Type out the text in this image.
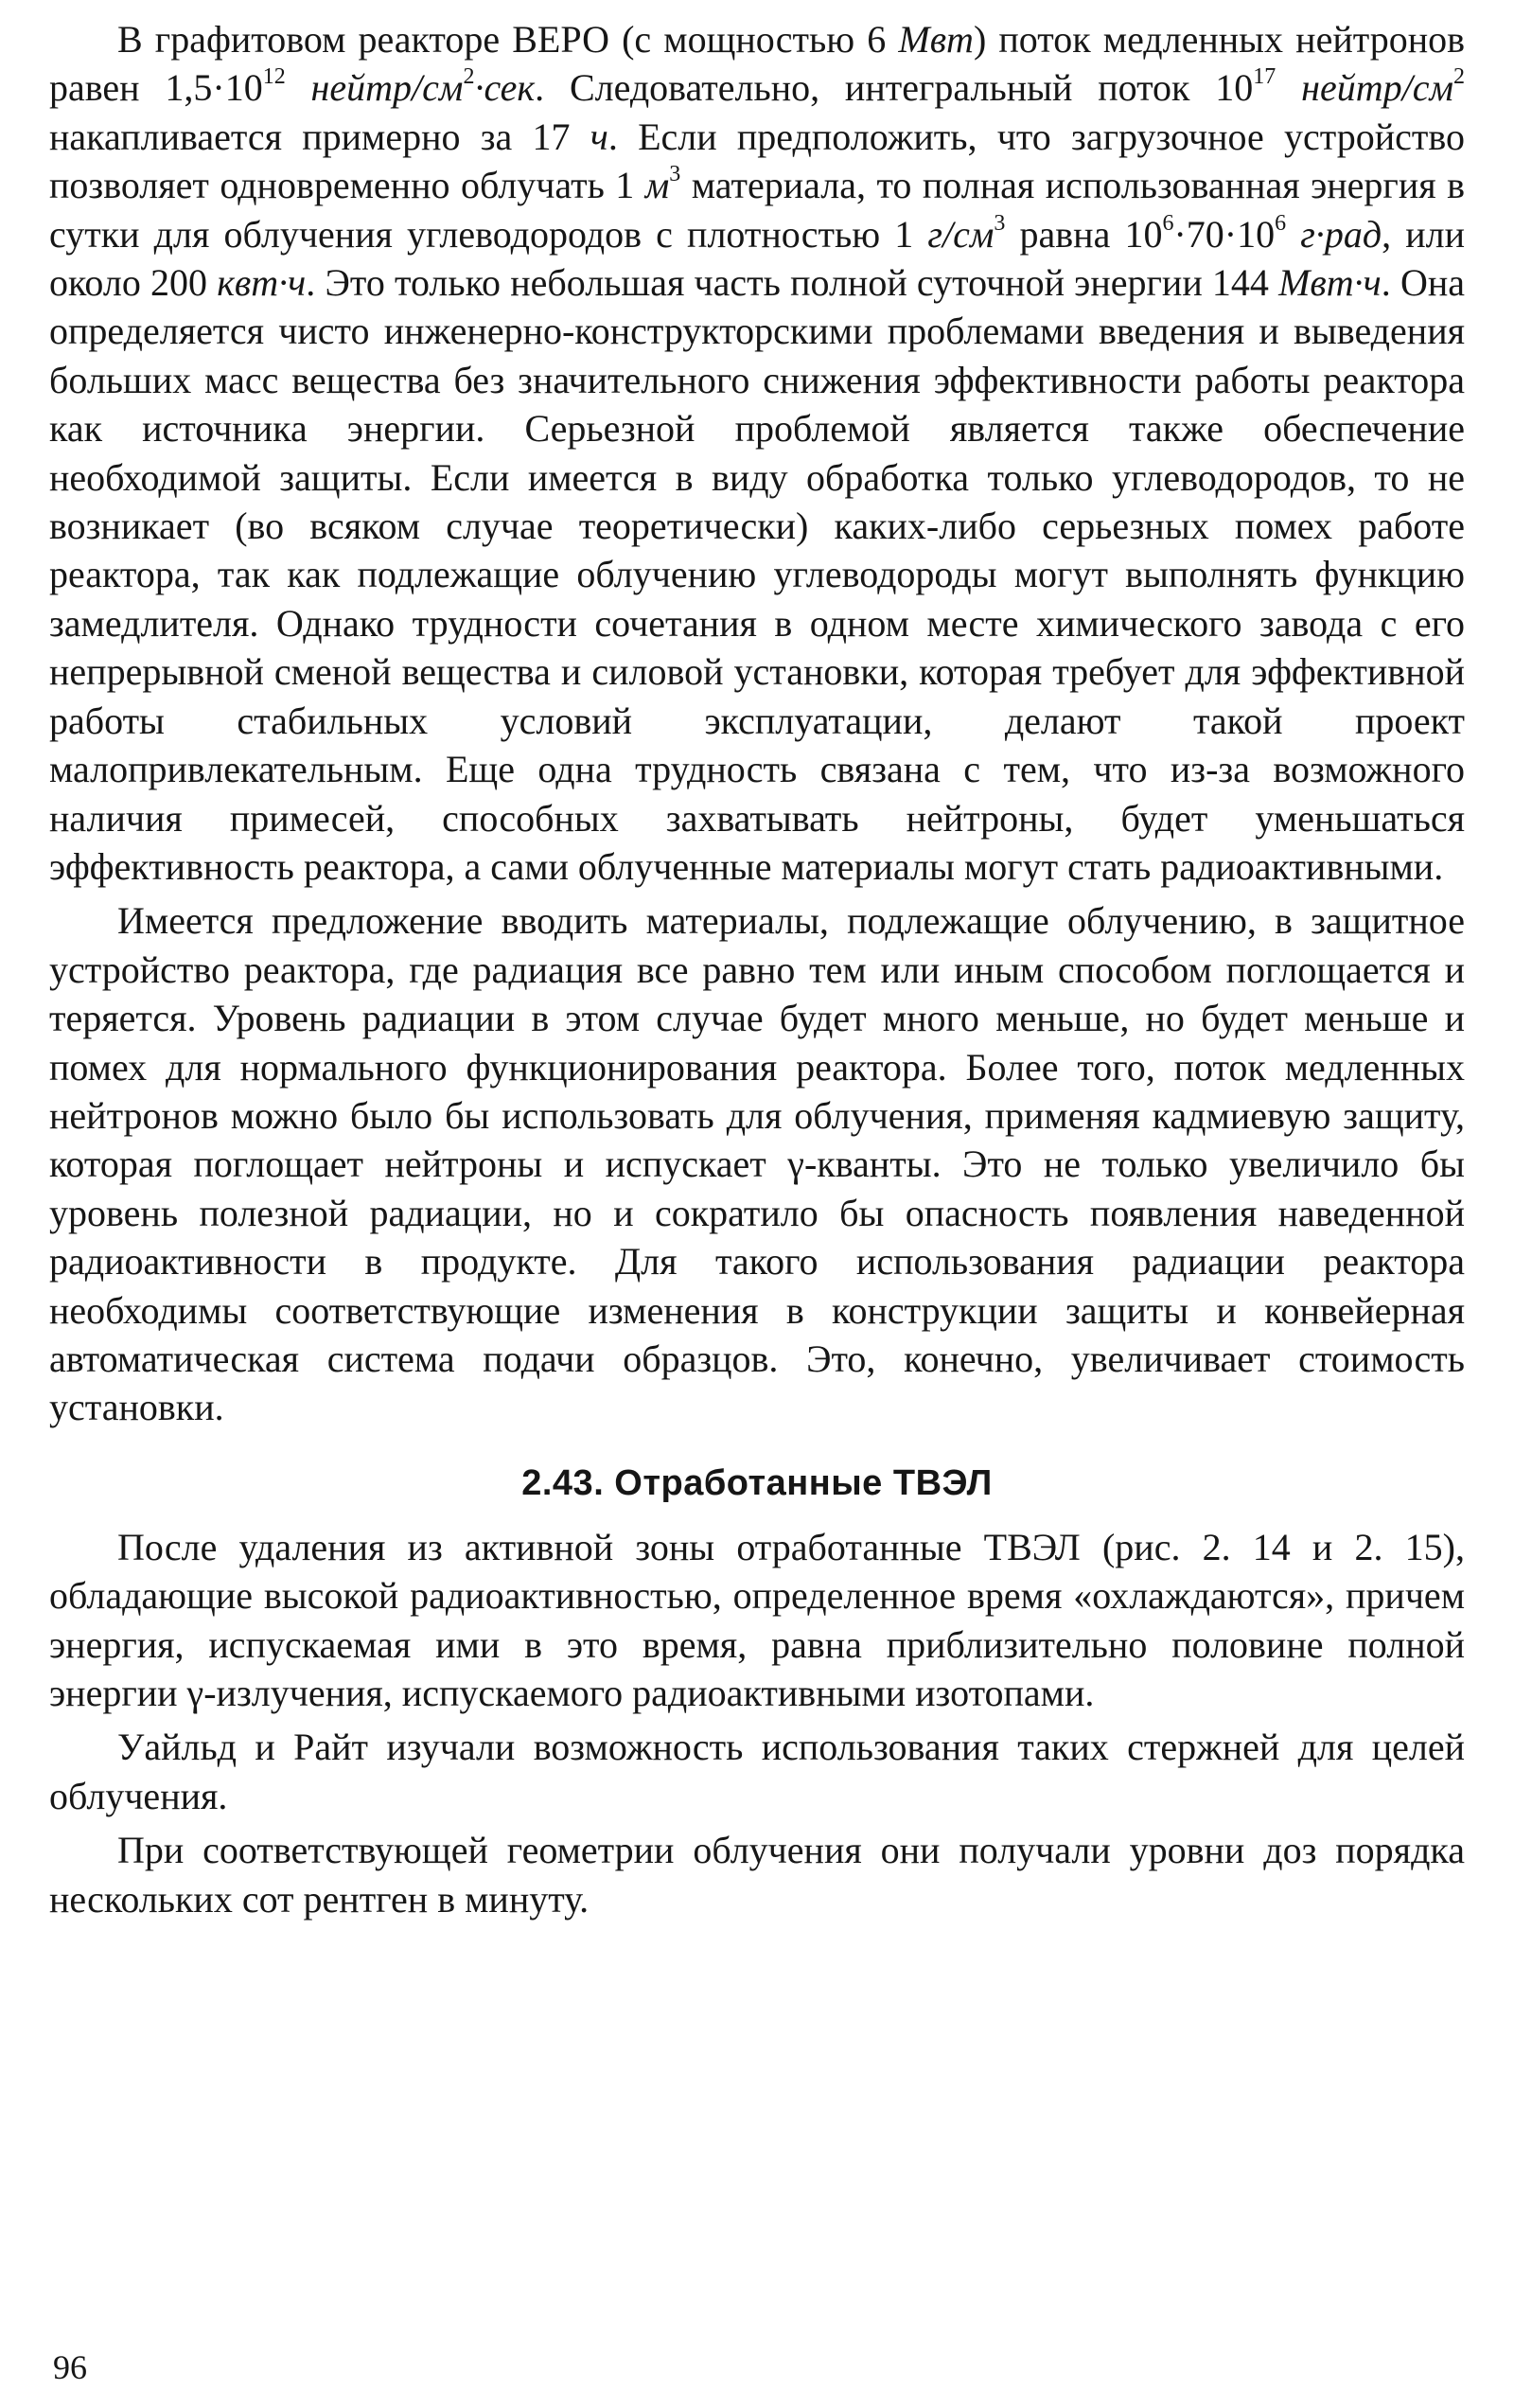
В графитовом реакторе ВЕРО (с мощностью 6 Мвт) поток медленных нейтронов равен $1,5\cdot 10^{12}$ нейтр/$см^2\cdot сек$. Следовательно, интегральный поток $10^{17}$ нейтр/$см^2$ накапливается примерно за 17 ч. Если предположить, что загрузочное устройство позволяет одновременно облучать 1 $м^3$ материала, то полная использованная энергия в сутки для облучения углеводородов с плотностью 1 $г/см^3$ равна $10^6\cdot 70\cdot 10^6$ г·рад, или около 200 квт·ч. Это только небольшая часть полной суточной энергии 144 Мвт·ч. Она определяется чисто инженерно-конструкторскими проблемами введения и выведения больших масс вещества без значительного снижения эффективности работы реактора как источника энергии. Серьезной проблемой является также обеспечение необходимой защиты. Если имеется в виду обработка только углеводородов, то не возникает (во всяком случае теоретически) каких-либо серьезных помех работе реактора, так как подлежащие облучению углеводороды могут выполнять функцию замедлителя. Однако трудности сочетания в одном месте химического завода с его непрерывной сменой вещества и силовой установки, которая требует для эффективной работы стабильных условий эксплуатации, делают такой проект малопривлекательным. Еще одна трудность связана с тем, что из-за возможного наличия примесей, способных захватывать нейтроны, будет уменьшаться эффективность реактора, а сами облученные материалы могут стать радиоактивными.

Имеется предложение вводить материалы, подлежащие облучению, в защитное устройство реактора, где радиация все равно тем или иным способом поглощается и теряется. Уровень радиации в этом случае будет много меньше, но будет меньше и помех для нормального функционирования реактора. Более того, поток медленных нейтронов можно было бы использовать для облучения, применяя кадмиевую защиту, которая поглощает нейтроны и испускает γ-кванты. Это не только увеличило бы уровень полезной радиации, но и сократило бы опасность появления наведенной радиоактивности в продукте. Для такого использования радиации реактора необходимы соответствующие изменения в конструкции защиты и конвейерная автоматическая система подачи образцов. Это, конечно, увеличивает стоимость установки.

2.43. Отработанные ТВЭЛ

После удаления из активной зоны отработанные ТВЭЛ (рис. 2. 14 и 2. 15), обладающие высокой радиоактивностью, определенное время «охлаждаются», причем энергия, испускаемая ими в это время, равна приблизительно половине полной энергии γ-излучения, испускаемого радиоактивными изотопами.

Уайльд и Райт изучали возможность использования таких стержней для целей облучения.

При соответствующей геометрии облучения они получали уровни доз порядка нескольких сот рентген в минуту.

96
